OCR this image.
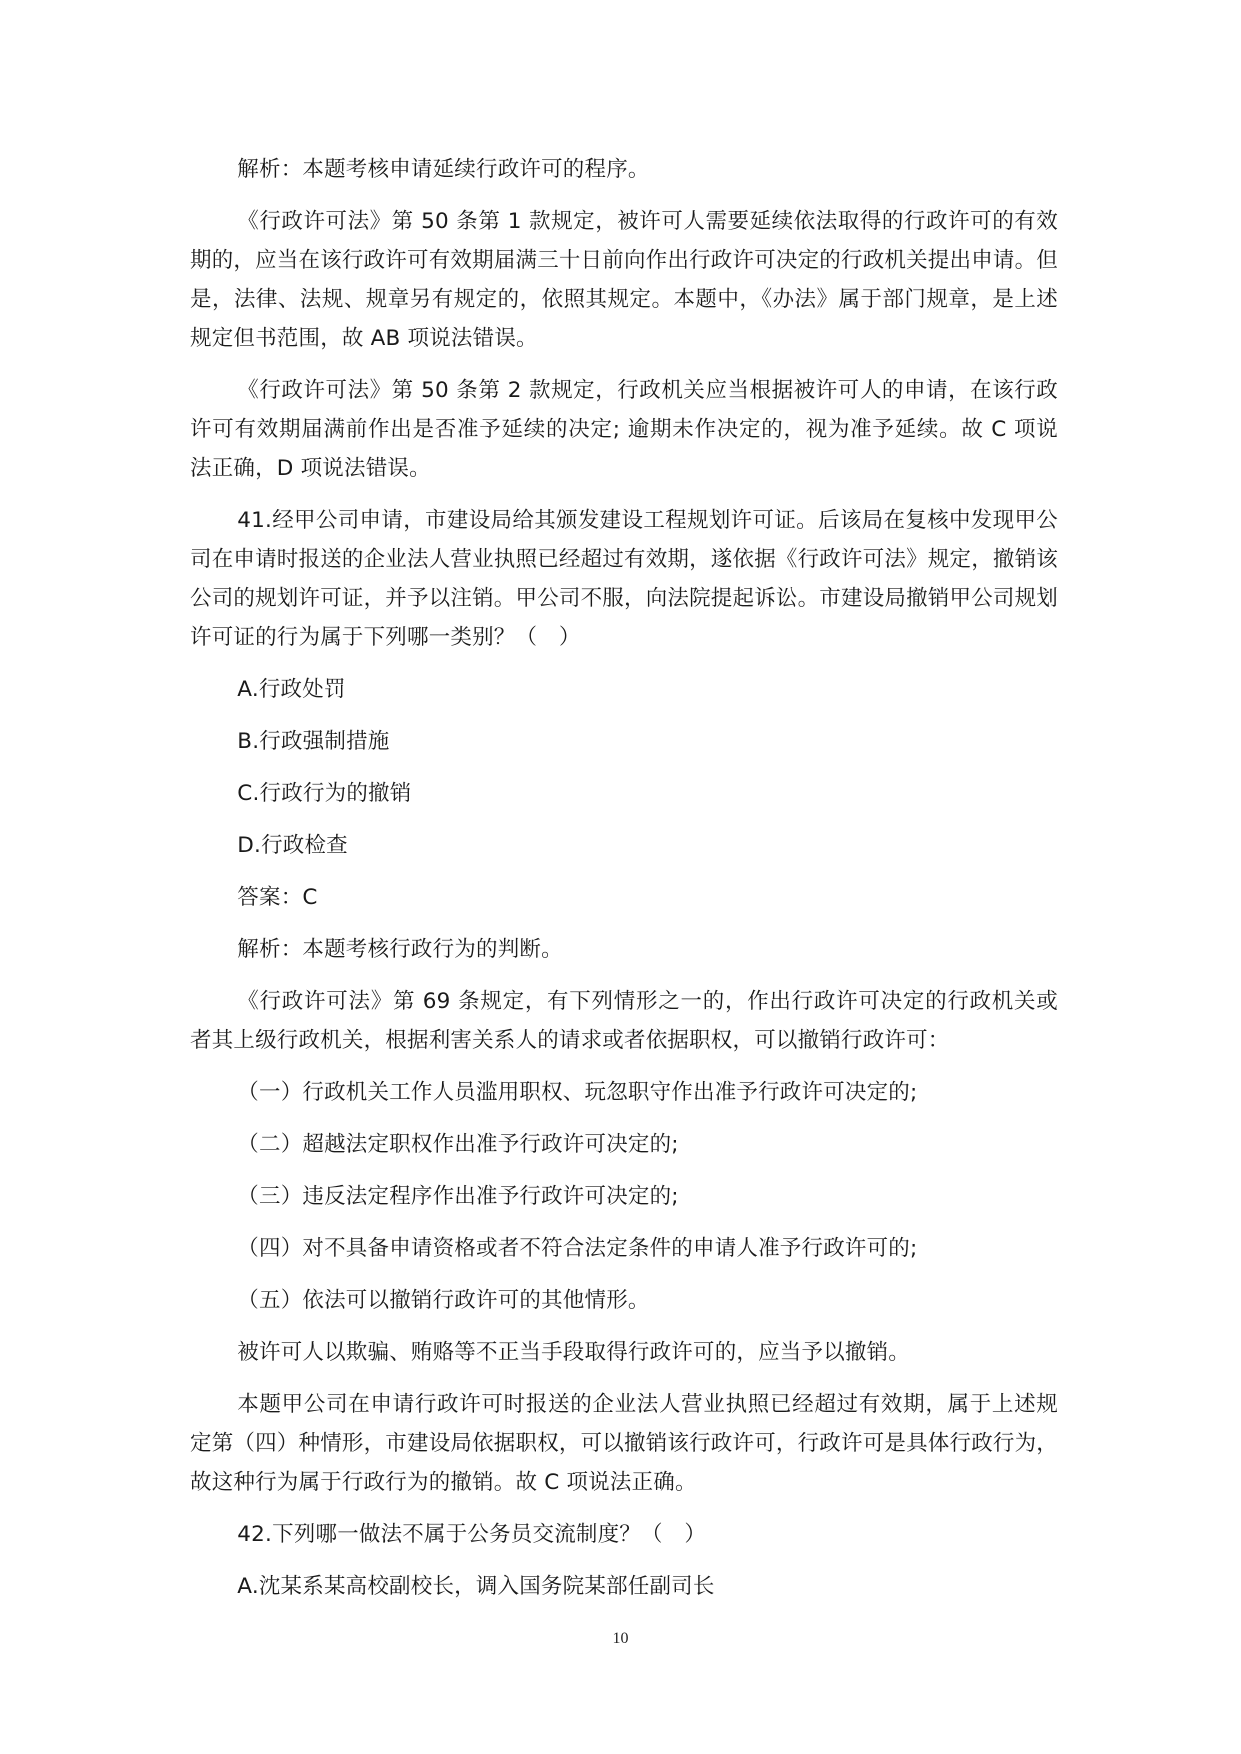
解析：本题考核申请延续行政许可的程序。

《行政许可法》第 50 条第 1 款规定，被许可人需要延续依法取得的行政许可的有效期的，应当在该行政许可有效期届满三十日前向作出行政许可决定的行政机关提出申请。但是，法律、法规、规章另有规定的，依照其规定。本题中，《办法》属于部门规章，是上述规定但书范围，故 AB 项说法错误。

《行政许可法》第 50 条第 2 款规定，行政机关应当根据被许可人的申请，在该行政许可有效期届满前作出是否准予延续的决定; 逾期未作决定的，视为准予延续。故 C 项说法正确，D 项说法错误。

41.经甲公司申请，市建设局给其颁发建设工程规划许可证。后该局在复核中发现甲公司在申请时报送的企业法人营业执照已经超过有效期，遂依据《行政许可法》规定，撤销该公司的规划许可证，并予以注销。甲公司不服，向法院提起诉讼。市建设局撤销甲公司规划许可证的行为属于下列哪一类别？（　）

A.行政处罚

B.行政强制措施

C.行政行为的撤销

D.行政检查

答案：C

解析：本题考核行政行为的判断。

《行政许可法》第 69 条规定，有下列情形之一的，作出行政许可决定的行政机关或者其上级行政机关，根据利害关系人的请求或者依据职权，可以撤销行政许可：

（一）行政机关工作人员滥用职权、玩忽职守作出准予行政许可决定的;

（二）超越法定职权作出准予行政许可决定的;

（三）违反法定程序作出准予行政许可决定的;

（四）对不具备申请资格或者不符合法定条件的申请人准予行政许可的;

（五）依法可以撤销行政许可的其他情形。

被许可人以欺骗、贿赂等不正当手段取得行政许可的，应当予以撤销。

本题甲公司在申请行政许可时报送的企业法人营业执照已经超过有效期，属于上述规定第（四）种情形，市建设局依据职权，可以撤销该行政许可，行政许可是具体行政行为，故这种行为属于行政行为的撤销。故 C 项说法正确。

42.下列哪一做法不属于公务员交流制度？（　）

A.沈某系某高校副校长，调入国务院某部任副司长

10
